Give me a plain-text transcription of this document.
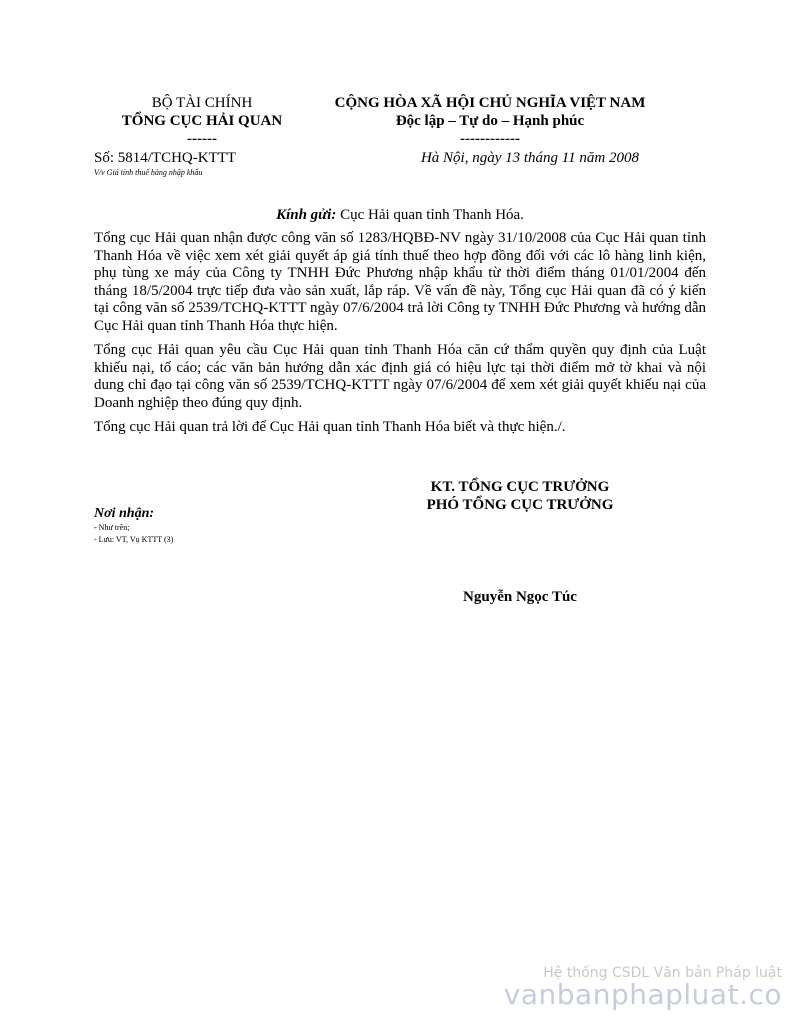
BỘ TÀI CHÍNH
TỔNG CỤC HẢI QUAN
------
CỘNG HÒA XÃ HỘI CHỦ NGHĨA VIỆT NAM
Độc lập – Tự do – Hạnh phúc
------------
Số: 5814/TCHQ-KTTT
V/v Giá tính thuế hàng nhập khẩu
Hà Nội, ngày 13 tháng 11 năm 2008
Kính gửi: Cục Hải quan tỉnh Thanh Hóa.

Tổng cục Hải quan nhận được công văn số 1283/HQBĐ-NV ngày 31/10/2008 của Cục Hải quan tỉnh Thanh Hóa về việc xem xét giải quyết áp giá tính thuế theo hợp đồng đối với các lô hàng linh kiện, phụ tùng xe máy của Công ty TNHH Đức Phương nhập khẩu từ thời điểm tháng 01/01/2004 đến tháng 18/5/2004 trực tiếp đưa vào sản xuất, lắp ráp. Về vấn đề này, Tổng cục Hải quan đã có ý kiến tại công văn số 2539/TCHQ-KTTT ngày 07/6/2004 trả lời Công ty TNHH Đức Phương và hướng dẫn Cục Hải quan tỉnh Thanh Hóa thực hiện.

Tổng cục Hải quan yêu cầu Cục Hải quan tỉnh Thanh Hóa căn cứ thẩm quyền quy định của Luật khiếu nại, tố cáo; các văn bản hướng dẫn xác định giá có hiệu lực tại thời điểm mở tờ khai và nội dung chỉ đạo tại công văn số 2539/TCHQ-KTTT ngày 07/6/2004 để xem xét giải quyết khiếu nại của Doanh nghiệp theo đúng quy định.

Tổng cục Hải quan trả lời để Cục Hải quan tỉnh Thanh Hóa biết và thực hiện./.

KT. TỔNG CỤC TRƯỞNG
PHÓ TỔNG CỤC TRƯỞNG
Nguyễn Ngọc Túc
Nơi nhận:
- Như trên;
- Lưu: VT, Vụ KTTT (3)
Hệ thống CSDL Văn bản Pháp luật
vanbanphapluat.co
